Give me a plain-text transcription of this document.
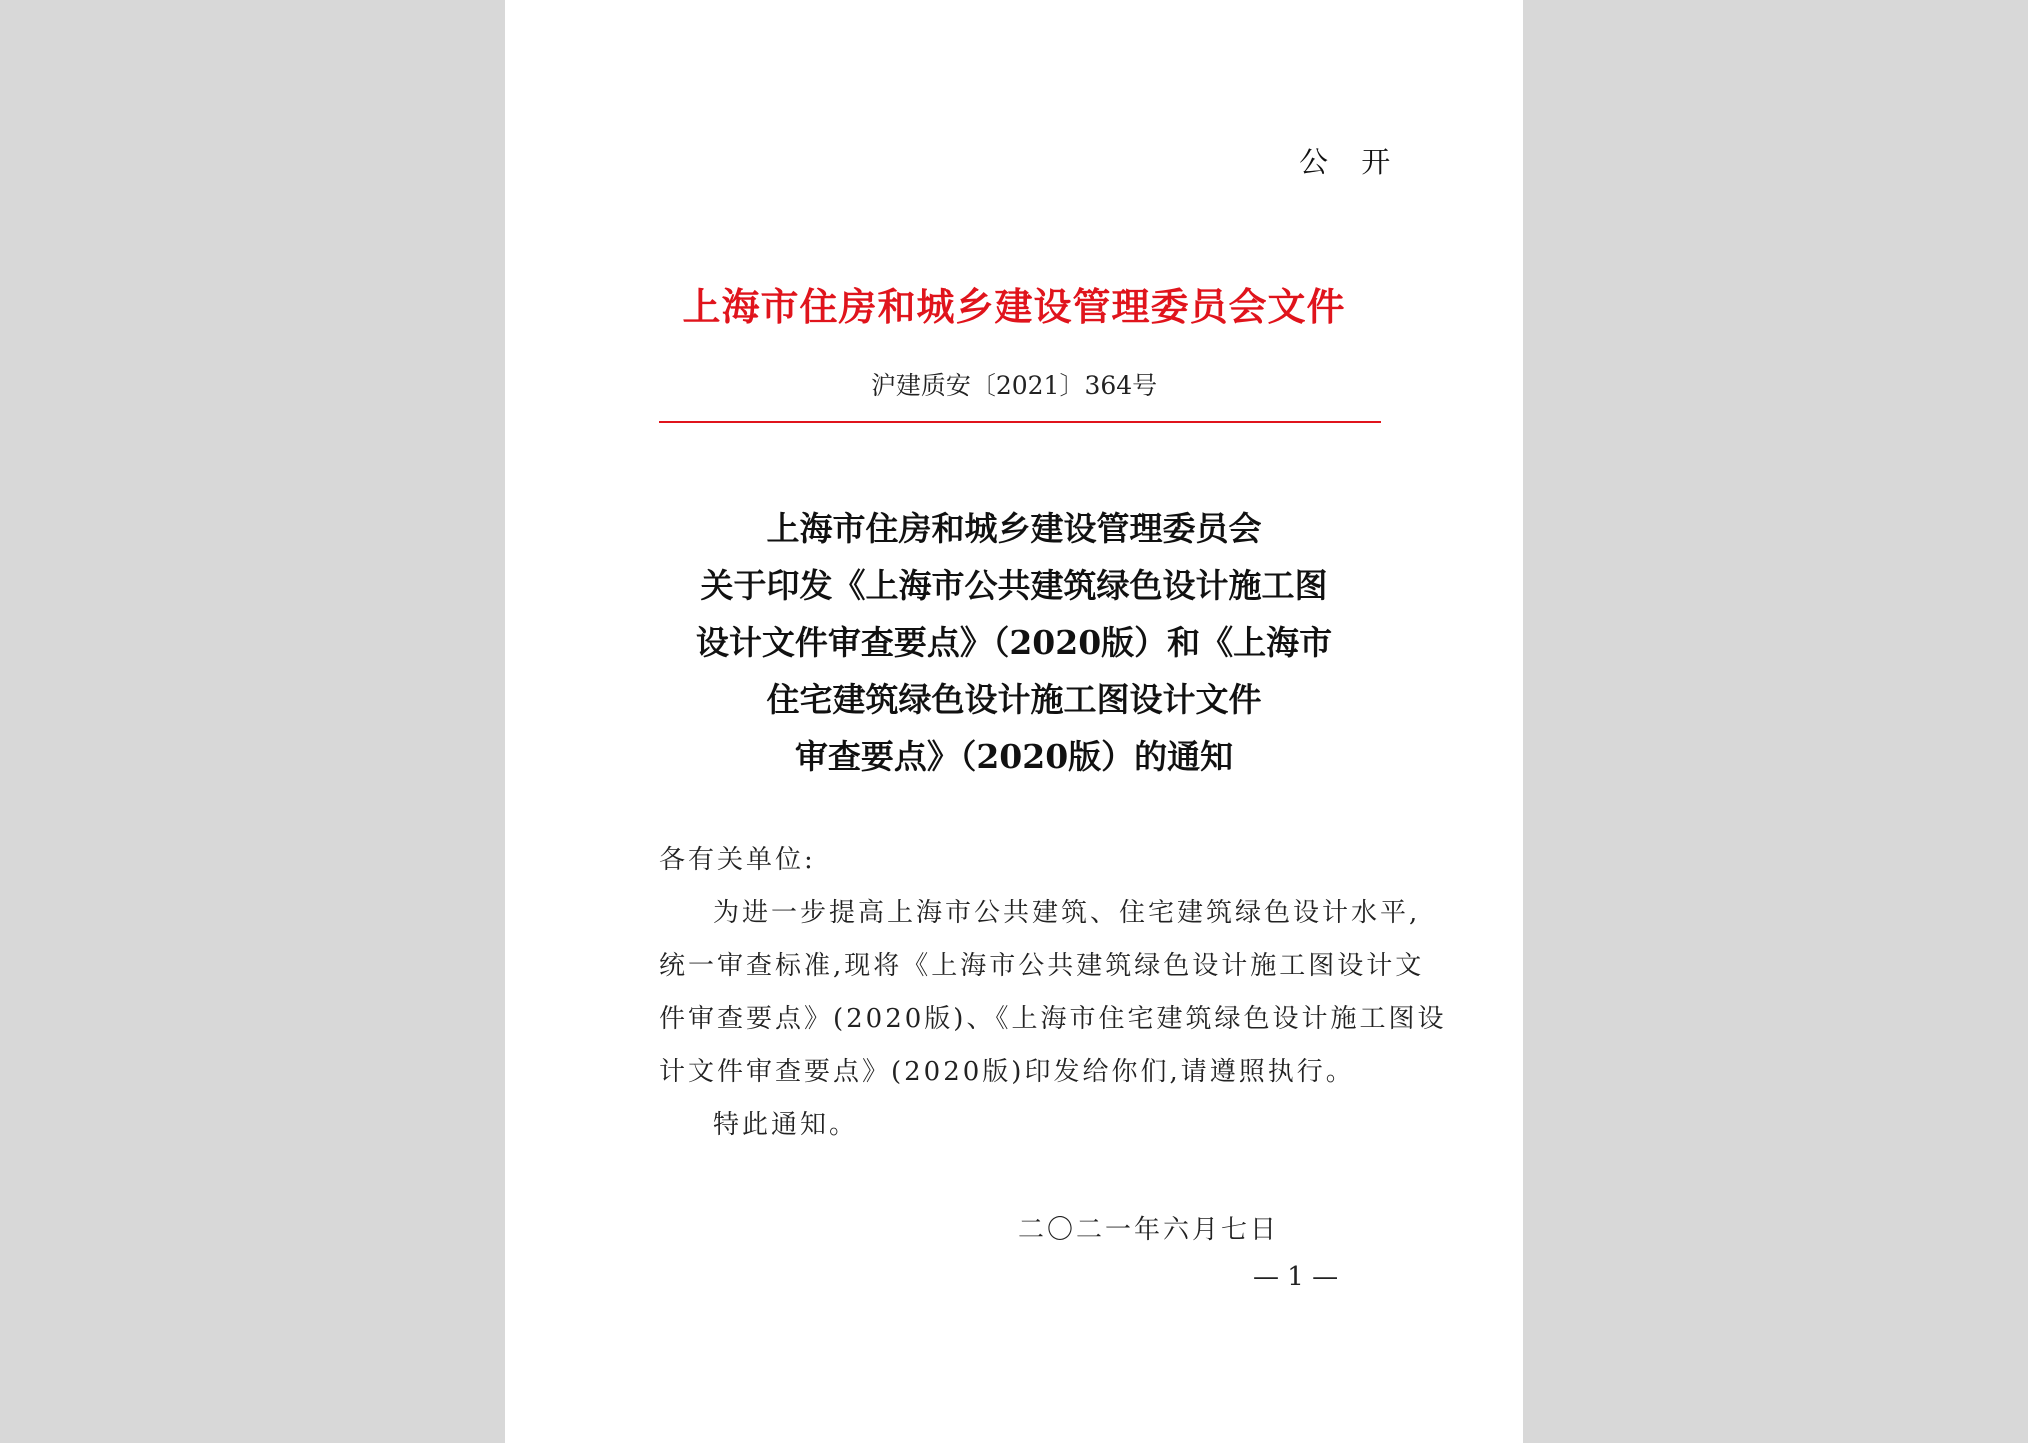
公 开
上海市住房和城乡建设管理委员会文件
沪建质安〔2021〕364号
上海市住房和城乡建设管理委员会
关于印发《上海市公共建筑绿色设计施工图
设计文件审查要点》（2020版）和《上海市
住宅建筑绿色设计施工图设计文件
审查要点》（2020版）的通知
各有关单位:
为进一步提高上海市公共建筑、住宅建筑绿色设计水平,
统一审查标准,现将《上海市公共建筑绿色设计施工图设计文
件审查要点》(2020版)、《上海市住宅建筑绿色设计施工图设
计文件审查要点》(2020版)印发给你们,请遵照执行。
特此通知。
二〇二一年六月七日
— 1 —
